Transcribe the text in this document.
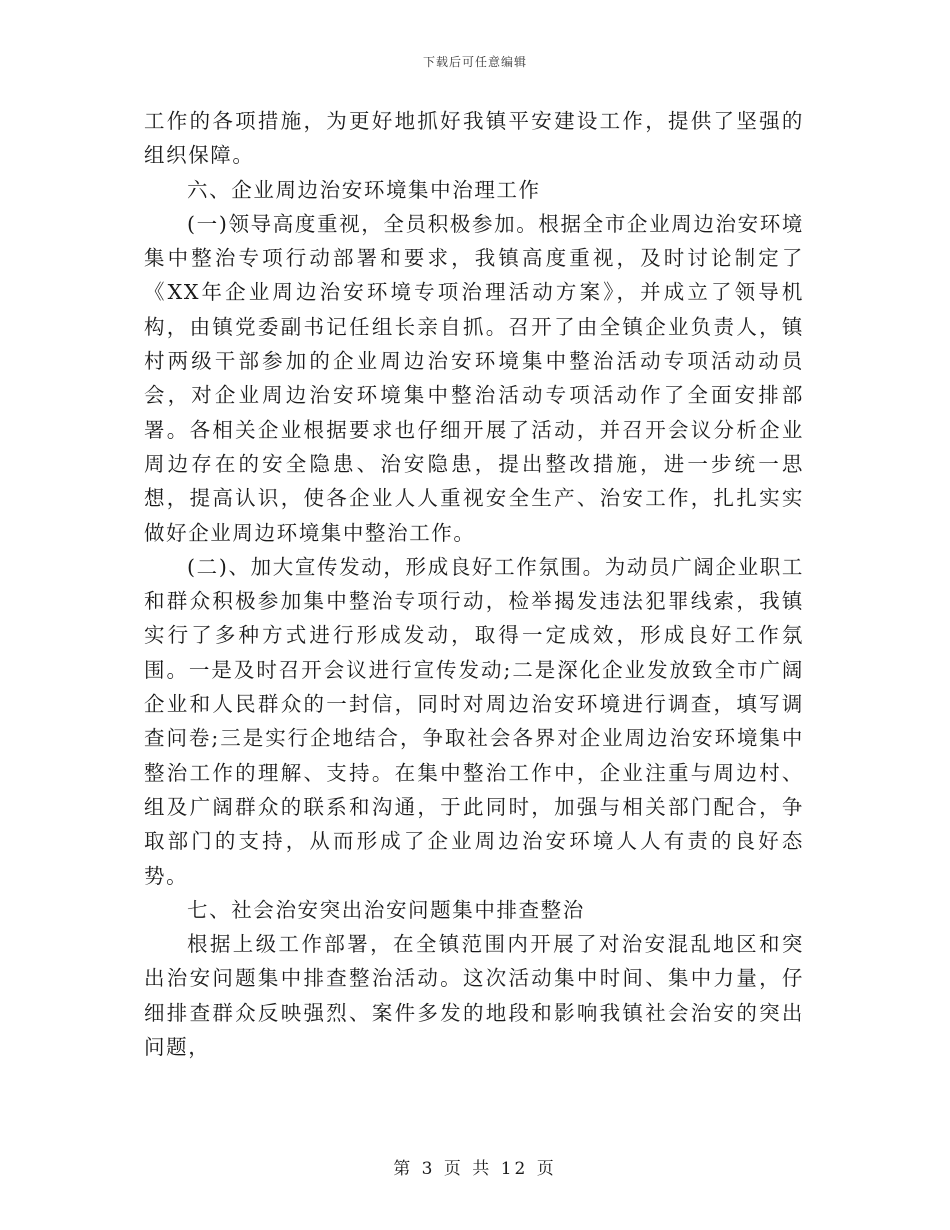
下载后可任意编辑

工作的各项措施，为更好地抓好我镇平安建设工作，提供了坚强的组织保障。

六、企业周边治安环境集中治理工作

(一)领导高度重视，全员积极参加。根据全市企业周边治安环境集中整治专项行动部署和要求，我镇高度重视，及时讨论制定了《XX年企业周边治安环境专项治理活动方案》，并成立了领导机构，由镇党委副书记任组长亲自抓。召开了由全镇企业负责人，镇村两级干部参加的企业周边治安环境集中整治活动专项活动动员会，对企业周边治安环境集中整治活动专项活动作了全面安排部署。各相关企业根据要求也仔细开展了活动，并召开会议分析企业周边存在的安全隐患、治安隐患，提出整改措施，进一步统一思想，提高认识，使各企业人人重视安全生产、治安工作，扎扎实实做好企业周边环境集中整治工作。

(二)、加大宣传发动，形成良好工作氛围。为动员广阔企业职工和群众积极参加集中整治专项行动，检举揭发违法犯罪线索，我镇实行了多种方式进行形成发动，取得一定成效，形成良好工作氛围。一是及时召开会议进行宣传发动;二是深化企业发放致全市广阔企业和人民群众的一封信，同时对周边治安环境进行调查，填写调查问卷;三是实行企地结合，争取社会各界对企业周边治安环境集中整治工作的理解、支持。在集中整治工作中，企业注重与周边村、组及广阔群众的联系和沟通，于此同时，加强与相关部门配合，争取部门的支持，从而形成了企业周边治安环境人人有责的良好态势。

七、社会治安突出治安问题集中排查整治

根据上级工作部署，在全镇范围内开展了对治安混乱地区和突出治安问题集中排查整治活动。这次活动集中时间、集中力量，仔细排查群众反映强烈、案件多发的地段和影响我镇社会治安的突出问题，

第 3 页 共 12 页
